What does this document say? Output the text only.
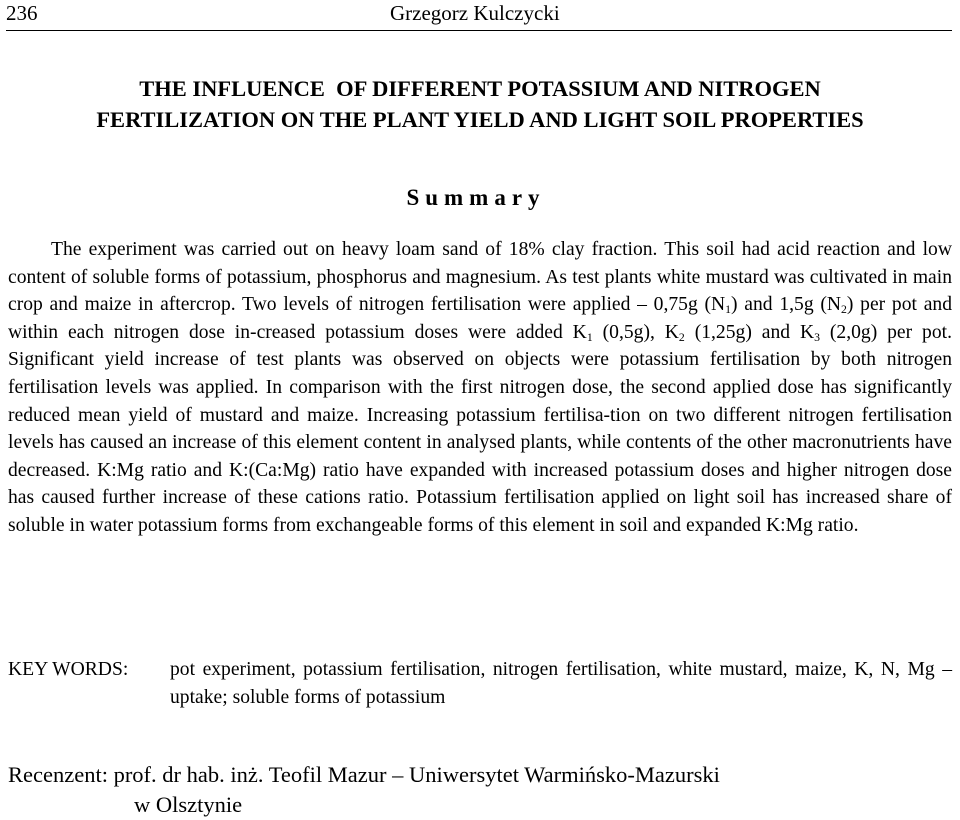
236	Grzegorz Kulczycki
THE INFLUENCE  OF DIFFERENT POTASSIUM AND NITROGEN
FERTILIZATION ON THE PLANT YIELD AND LIGHT SOIL PROPERTIES
Summary
The experiment was carried out on heavy loam sand of 18% clay fraction. This soil had acid reaction and low content of soluble forms of potassium, phosphorus and magnesium. As test plants white mustard was cultivated in main crop and maize in aftercrop. Two levels of nitrogen fertilisation were applied – 0,75g $(N_1)$ and 1,5g $(N_2)$ per pot and within each nitrogen dose in-creased potassium doses were added $K_1$ (0,5g), $K_2$ (1,25g) and $K_3$ (2,0g) per pot. Significant yield increase of test plants was observed on objects were potassium fertilisation by both nitrogen fertilisation levels was applied. In comparison with the first nitrogen dose, the second applied dose has significantly reduced mean yield of mustard and maize. Increasing potassium fertilisa-tion on two different nitrogen fertilisation levels has caused an increase of this element content in analysed plants, while contents of the other macronutrients have decreased. K:Mg ratio and K:(Ca:Mg) ratio have expanded with increased potassium doses and higher nitrogen dose has caused further increase of these cations ratio. Potassium fertilisation applied on light soil has increased share of soluble in water potassium forms from exchangeable forms of this element in soil and expanded K:Mg ratio.
KEY WORDS: pot experiment, potassium fertilisation, nitrogen fertilisation, white mustard, maize, K, N, Mg – uptake; soluble forms of potassium
Recenzent: prof. dr hab. inż. Teofil Mazur – Uniwersytet Warmińsko-Mazurski
w Olsztynie
